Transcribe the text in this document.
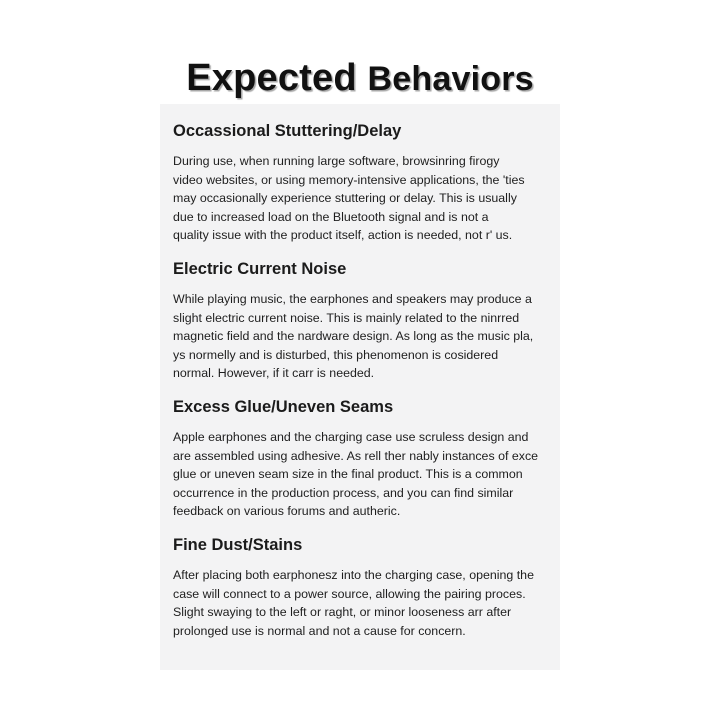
Expected Behaviors
Occassional Stuttering/Delay
During use, when running large software, browsinring firogy
video websites, or using memory-intensive applications, the 'ties
may occasionally experience stuttering or delay. This is usually
due to increased load on the Bluetooth signal and is not a
quality issue with the product itself, action is needed, not r' us.
Electric Current Noise
While playing music, the earphones and speakers may produce a
slight electric current noise. This is mainly related to the ninrred
magnetic field and the nardware design. As long as the music pla,
ys normelly and is disturbed, this phenomenon is cosidered
normal. However, if it carr is needed.
Excess Glue/Uneven Seams
Apple earphones and the charging case use scruless design and
are assembled using adhesive. As rell ther nably instances of exce
glue or uneven seam size in the final product. This is a common
occurrence in the production process, and you can find similar
feedback on various forums and autheric.
Fine Dust/Stains
After placing both earphonesz into the charging case, opening the
case will connect to a power source, allowing the pairing proces.
Slight swaying to the left or raght, or minor looseness arr after
prolonged use is normal and not a cause for concern.
